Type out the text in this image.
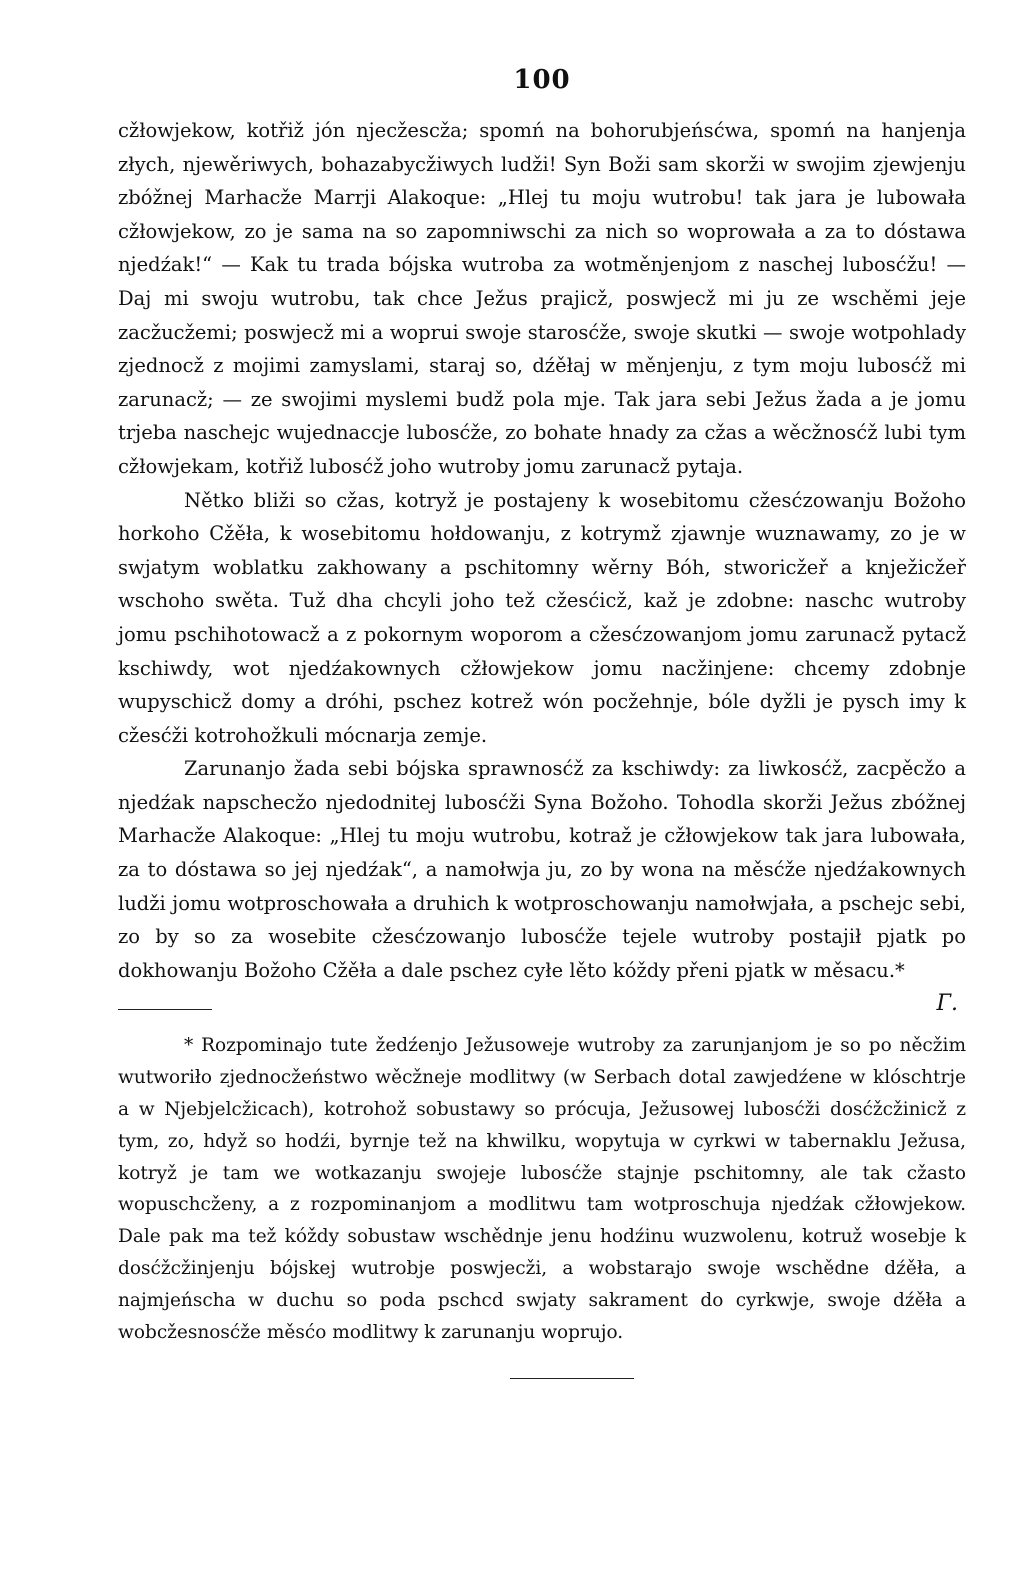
100

cžłowjekow, kotřiž jón njecžescža; spomń na bohorubjeńsćwa, spomń na hanjenja złych, njewěriwych, bohazabycžiwych ludži! Syn Boži sam skorži w swojim zjewjenju zbóžnej Marhacže Marrji Alakoque: „Hlej tu moju wutrobu! tak jara je lubowała cžłowjekow, zo je sama na so zapomniwschi za nich so woprowała a za to dóstawa njedźak!“ — Kak tu trada bójska wutroba za wotměnjenjom z naschej lubosćžu! — Daj mi swoju wutrobu, tak chce Ježus prajicž, poswjecž mi ju ze wschěmi jeje zacžucžemi; poswjecž mi a woprui swoje starosćže, swoje skutki — swoje wotpohlady zjednocž z mojimi zamyslami, staraj so, dźěłaj w měnjenju, z tym moju lubosćž mi zarunacž; — ze swojimi myslemi budž pola mje. Tak jara sebi Ježus žada a je jomu trjeba naschejc wujednaccje lubosćže, zo bohate hnady za cžas a wěcžnosćž lubi tym cžłowjekam, kotřiž lubosćž joho wutroby jomu zarunacž pytaja.

Nětko bliži so cžas, kotryž je postajeny k wosebitomu cžesćzowanju Božoho horkoho Cžěła, k wosebitomu hołdowanju, z kotrymž zjawnje wuznawamy, zo je w swjatym woblatku zakhowany a pschitomny wěrny Bóh, stworicžeř a knježicžeř wschoho swěta. Tuž dha chcyli joho tež cžesćicž, kaž je zdobne: naschc wutroby jomu pschihotowacž a z pokornym woporom a cžesćzowanjom jomu zarunacž pytacž kschiwdy, wot njedźakownych cžłowjekow jomu nacžinjene: chcemy zdobnje wupyschicž domy a dróhi, pschez kotrež wón pocžehnje, bóle dyžli je pysch imy k cžesćži kotrohožkuli mócnarja zemje.

Zarunanjo žada sebi bójska sprawnosćž za kschiwdy: za liwkosćž, zacpěcžo a njedźak napschecžo njedodnitej lubosćži Syna Božoho. Tohodla skorži Ježus zbóžnej Marhacže Alakoque: „Hlej tu moju wutrobu, kotraž je cžłowjekow tak jara lubowała, za to dóstawa so jej njedźak“, a namołwja ju, zo by wona na měsćže njedźakownych ludži jomu wotproschowała a druhich k wotproschowanju namołwjała, a pschejc sebi, zo by so za wosebite cžesćzowanjo lubosćže tejele wutroby postajił pjatk po dokhowanju Božoho Cžěła a dale pschez cyłe lěto kóždy přeni pjatk w měsacu.*
Г.

* Rozpominajo tute žedźenjo Ježusoweje wutroby za zarunjanjom je so po něcžim wutworiło zjednocžeństwo wěcžneje modlitwy (w Serbach dotal zawjedźene w klóschtrje a w Njebjelcžicach), kotrohož sobustawy so prócuja, Ježusowej lubosćži dosćžcžinicž z tym, zo, hdyž so hodźi, byrnje tež na khwilku, wopytuja w cyrkwi w tabernaklu Ježusa, kotryž je tam we wotkazanju swojeje lubosćže stajnje pschitomny, ale tak cžasto wopuschcženy, a z rozpominanjom a modlitwu tam wotproschuja njedźak cžłowjekow. Dale pak ma tež kóždy sobustaw wschědnje jenu hodźinu wuzwolenu, kotruž wosebje k dosćžcžinjenju bójskej wutrobje poswjecži, a wobstarajo swoje wschědne dźěła, a najmjeńscha w duchu so poda pschcd swjaty sakrament do cyrkwje, swoje dźěła a wobcžesnosćže měsćo modlitwy k zarunanju woprujo.
